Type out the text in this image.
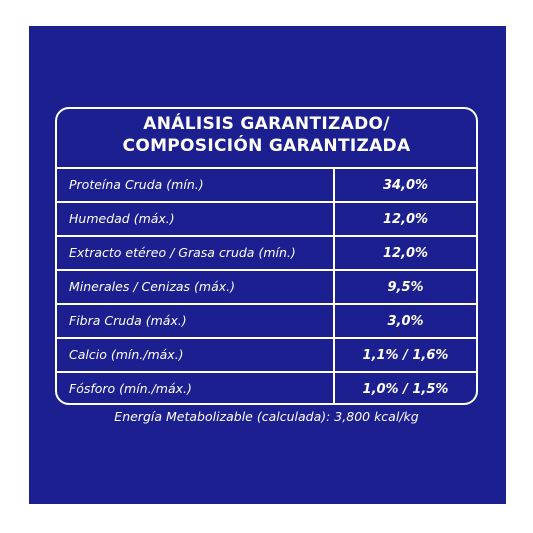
ANÁLISIS GARANTIZADO/
COMPOSICIÓN GARANTIZADA
Proteína Cruda (mín.)	34,0%
Humedad (máx.)	12,0%
Extracto etéreo / Grasa cruda (mín.)	12,0%
Minerales / Cenizas (máx.)	9,5%
Fibra Cruda (máx.)	3,0%
Calcio (mín./máx.)	1,1% / 1,6%
Fósforo (mín./máx.)	1,0% / 1,5%
Energía Metabolizable (calculada): 3,800 kcal/kg
